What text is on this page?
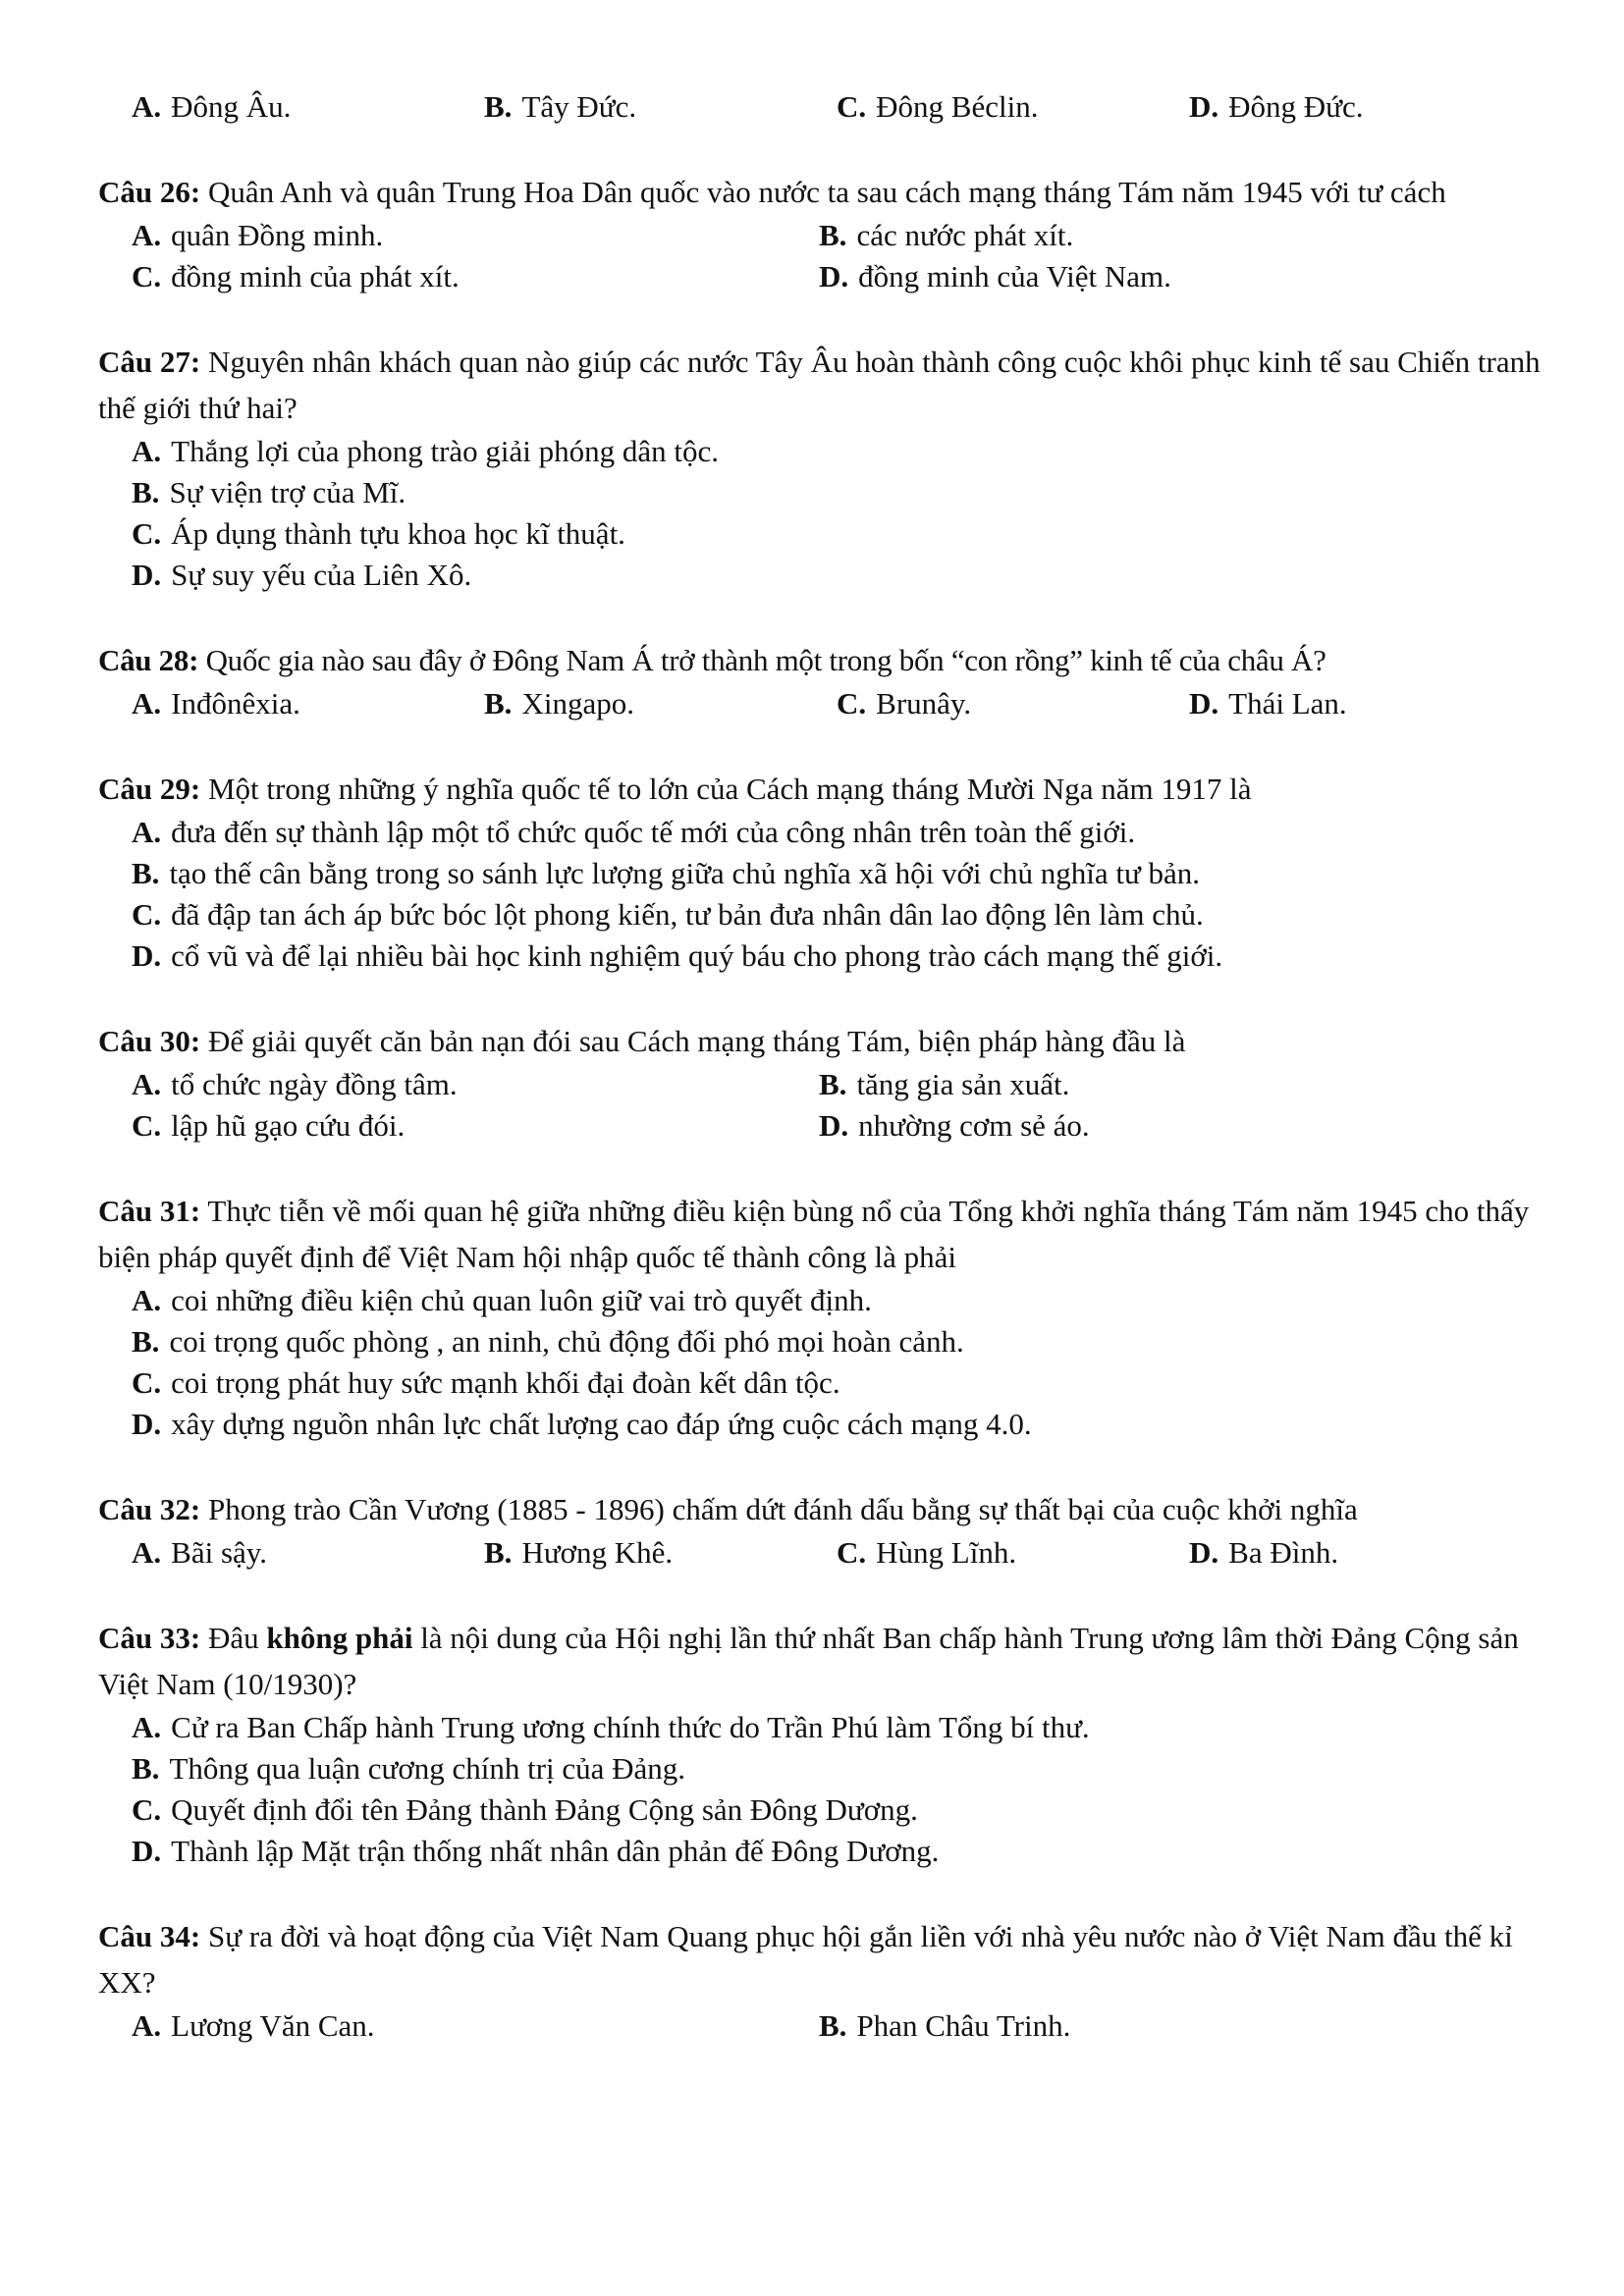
A. Đông Âu.	B. Tây Đức.	C. Đông Béclin.	D. Đông Đức.

Câu 26: Quân Anh và quân Trung Hoa Dân quốc vào nước ta sau cách mạng tháng Tám năm 1945 với tư cách

A. quân Đồng minh.	B. các nước phát xít.
C. đồng minh của phát xít.	D. đồng minh của Việt Nam.

Câu 27: Nguyên nhân khách quan nào giúp các nước Tây Âu hoàn thành công cuộc khôi phục kinh tế sau Chiến tranh thế giới thứ hai?

A. Thắng lợi của phong trào giải phóng dân tộc.
B. Sự viện trợ của Mĩ.
C. Áp dụng thành tựu khoa học kĩ thuật.
D. Sự suy yếu của Liên Xô.

Câu 28: Quốc gia nào sau đây ở Đông Nam Á trở thành một trong bốn “con rồng” kinh tế của châu Á?

A. Inđônêxia.	B. Xingapo.	C. Brunây.	D. Thái Lan.

Câu 29: Một trong những ý nghĩa quốc tế to lớn của Cách mạng tháng Mười Nga năm 1917 là

A. đưa đến sự thành lập một tổ chức quốc tế mới của công nhân trên toàn thế giới.
B. tạo thế cân bằng trong so sánh lực lượng giữa chủ nghĩa xã hội với chủ nghĩa tư bản.
C. đã đập tan ách áp bức bóc lột phong kiến, tư bản đưa nhân dân lao động lên làm chủ.
D. cổ vũ và để lại nhiều bài học kinh nghiệm quý báu cho phong trào cách mạng thế giới.

Câu 30: Để giải quyết căn bản nạn đói sau Cách mạng tháng Tám, biện pháp hàng đầu là

A. tổ chức ngày đồng tâm.	B. tăng gia sản xuất.
C. lập hũ gạo cứu đói.	D. nhường cơm sẻ áo.

Câu 31: Thực tiễn về mối quan hệ giữa những điều kiện bùng nổ của Tổng khởi nghĩa tháng Tám năm 1945 cho thấy biện pháp quyết định để Việt Nam hội nhập quốc tế thành công là phải

A. coi những điều kiện chủ quan luôn giữ vai trò quyết định.
B. coi trọng quốc phòng , an ninh, chủ động đối phó mọi hoàn cảnh.
C. coi trọng phát huy sức mạnh khối đại đoàn kết dân tộc.
D. xây dựng nguồn nhân lực chất lượng cao đáp ứng cuộc cách mạng 4.0.

Câu 32: Phong trào Cần Vương (1885 - 1896) chấm dứt đánh dấu bằng sự thất bại của cuộc khởi nghĩa

A. Bãi sậy.	B. Hương Khê.	C. Hùng Lĩnh.	D. Ba Đình.

Câu 33: Đâu không phải là nội dung của Hội nghị lần thứ nhất Ban chấp hành Trung ương lâm thời Đảng Cộng sản Việt Nam (10/1930)?

A. Cử ra Ban Chấp hành Trung ương chính thức do Trần Phú làm Tổng bí thư.
B. Thông qua luận cương chính trị của Đảng.
C. Quyết định đổi tên Đảng thành Đảng Cộng sản Đông Dương.
D. Thành lập Mặt trận thống nhất nhân dân phản đế Đông Dương.

Câu 34: Sự ra đời và hoạt động của Việt Nam Quang phục hội gắn liền với nhà yêu nước nào ở Việt Nam đầu thế kỉ XX?

A. Lương Văn Can.	B. Phan Châu Trinh.
